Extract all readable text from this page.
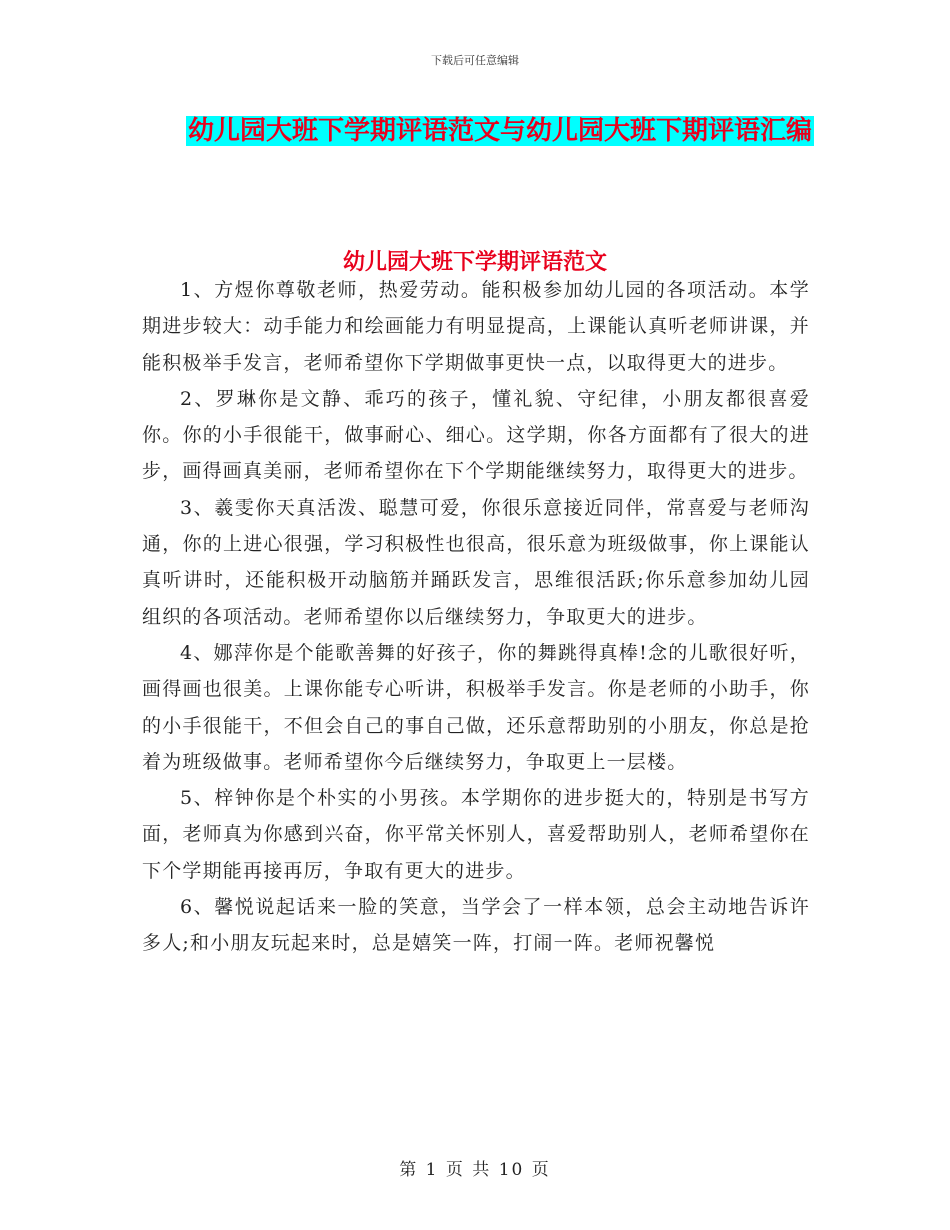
下载后可任意编辑
幼儿园大班下学期评语范文与幼儿园大班下期评语汇编
幼儿园大班下学期评语范文

1、方煜你尊敬老师，热爱劳动。能积极参加幼儿园的各项活动。本学期进步较大：动手能力和绘画能力有明显提高，上课能认真听老师讲课，并能积极举手发言，老师希望你下学期做事更快一点，以取得更大的进步。

2、罗琳你是文静、乖巧的孩子，懂礼貌、守纪律，小朋友都很喜爱你。你的小手很能干，做事耐心、细心。这学期，你各方面都有了很大的进步，画得画真美丽，老师希望你在下个学期能继续努力，取得更大的进步。

3、羲雯你天真活泼、聪慧可爱，你很乐意接近同伴，常喜爱与老师沟通，你的上进心很强，学习积极性也很高，很乐意为班级做事，你上课能认真听讲时，还能积极开动脑筋并踊跃发言，思维很活跃;你乐意参加幼儿园组织的各项活动。老师希望你以后继续努力，争取更大的进步。

4、娜萍你是个能歌善舞的好孩子，你的舞跳得真棒!念的儿歌很好听，画得画也很美。上课你能专心听讲，积极举手发言。你是老师的小助手，你的小手很能干，不但会自己的事自己做，还乐意帮助别的小朋友，你总是抢着为班级做事。老师希望你今后继续努力，争取更上一层楼。

5、梓钟你是个朴实的小男孩。本学期你的进步挺大的，特别是书写方面，老师真为你感到兴奋，你平常关怀别人，喜爱帮助别人，老师希望你在下个学期能再接再厉，争取有更大的进步。

6、馨悦说起话来一脸的笑意，当学会了一样本领，总会主动地告诉许多人;和小朋友玩起来时，总是嬉笑一阵，打闹一阵。老师祝馨悦

第 1 页 共 10 页
